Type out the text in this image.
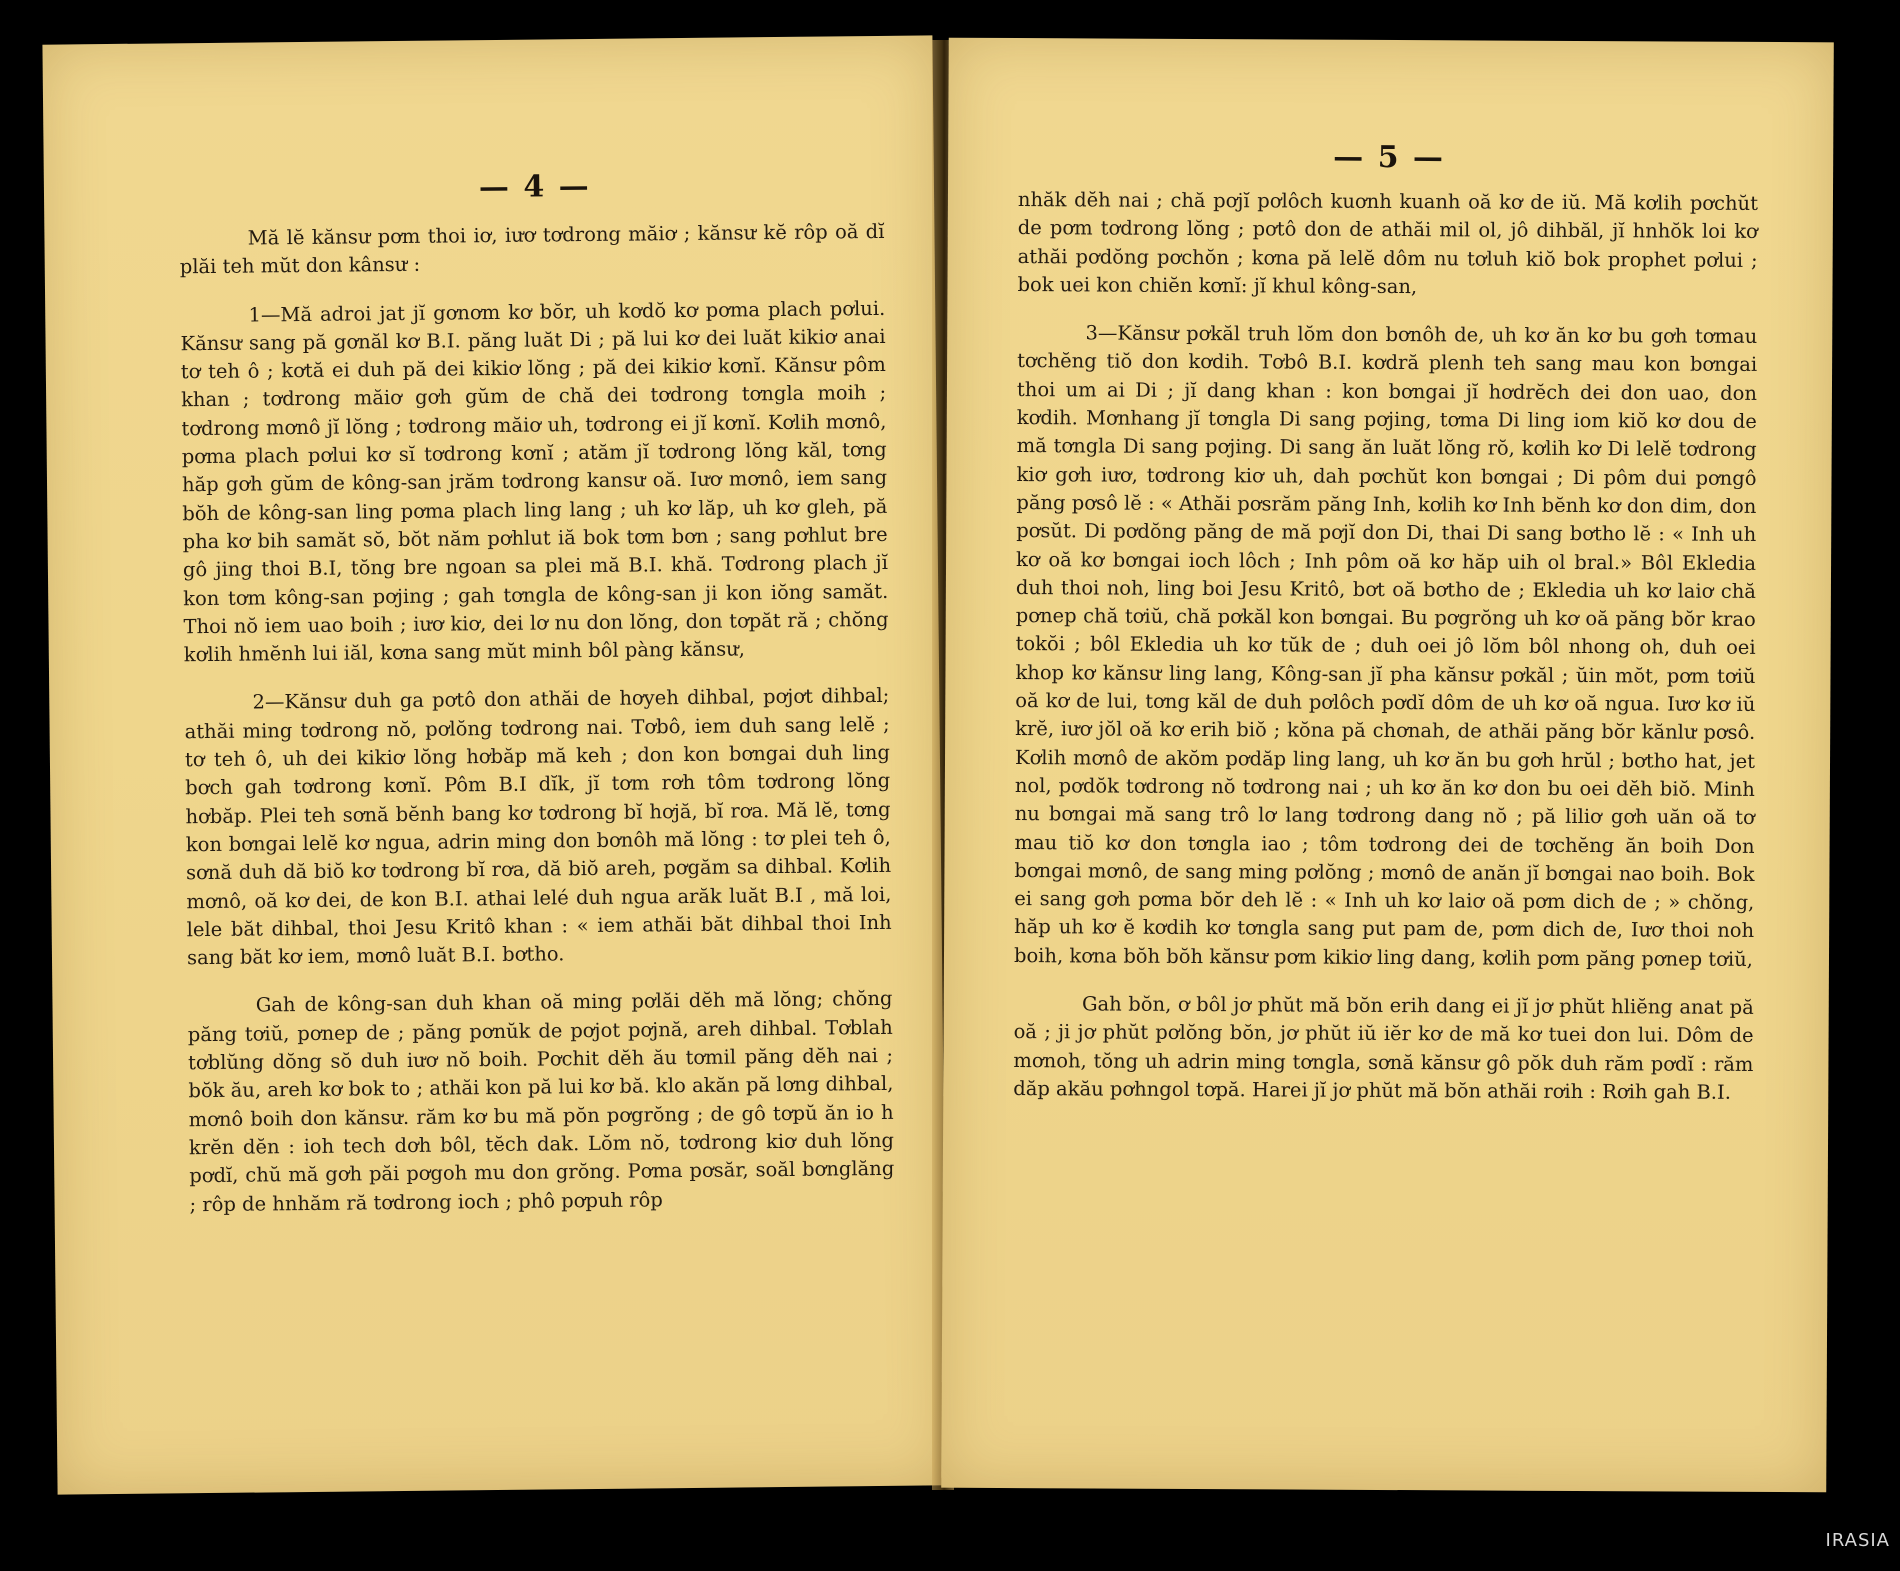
— 4 —

Mă lĕ kănsư pơm thoi iơ, iươ tơdrong măiơ ; kănsư kĕ rôp oă dĭ plăi teh mŭt don kânsư :

1—Mă adroi jat jĭ gơnơm kơ bŏr, uh kơdŏ kơ pơma plach pơlui. Kănsư sang pă gơnăl kơ B.I. păng luăt Di ; pă lui kơ dei luăt kikiơ anai tơ teh ô ; kơtă ei duh pă dei kikiơ lŏng ; pă dei kikiơ kơnĭ. Kănsư pôm khan ; tơdrong măiơ gơh gŭm de chă dei tơdrong tơngla moih ; tơdrong mơnô jĭ lŏng ; tơdrong măiơ uh, tơdrong ei jĭ kơnĭ. Kơlih mơnô, pơma plach pơlui kơ sĭ tơdrong kơnĭ ; atăm jĭ tơdrong lŏng kăl, tơng hăp gơh gŭm de kông-san jrăm tơdrong kansư oă. Iươ mơnô, iem sang bŏh de kông-san ling pơma plach ling lang ; uh kơ lăp, uh kơ gleh, pă pha kơ bih samăt sŏ, bŏt năm pơhlut iă bok tơm bơn ; sang pơhlut bre gô jing thoi B.I, tŏng bre ngoan sa plei mă B.I. khă. Tơdrong plach jĭ kon tơm kông-san pơjing ; gah tơngla de kông-san ji kon iŏng samăt. Thoi nŏ iem uao boih ; iươ kiơ, dei lơ nu don lŏng, don tơpăt ră ; chŏng kơlih hmĕnh lui iăl, kơna sang mŭt minh bôl pàng kănsư,

2—Kănsư duh ga pơtô don athăi de hơyeh dihbal, pơjơt dihbal; athăi ming tơdrong nŏ, pơlŏng tơdrong nai. Tơbô, iem duh sang lelĕ ; tơ teh ô, uh dei kikiơ lŏng hơbăp mă keh ; don kon bơngai duh ling bơch gah tơdrong kơnĭ. Pôm B.I dĭk, jĭ tơm rơh tôm tơdrong lŏng hơbăp. Plei teh sơnă bĕnh bang kơ tơdrong bĭ hơjă, bĭ rơa. Mă lĕ, tơng kon bơngai lelĕ kơ ngua, adrin ming don bơnôh mă lŏng : tơ plei teh ô, sơnă duh dă biŏ kơ tơdrong bĭ rơa, dă biŏ areh, pơgăm sa dihbal. Kơlih mơnô, oă kơ dei, de kon B.I. athai lelé duh ngua arăk luăt B.I , mă loi, lele băt dihbal, thoi Jesu Kritô khan : « iem athăi băt dihbal thoi Inh sang băt kơ iem, mơnô luăt B.I. bơtho.

Gah de kông-san duh khan oă ming pơlăi dĕh mă lŏng; chŏng păng tơiŭ, pơnep de ; păng pơnŭk de pơjot pơjnă, areh dihbal. Tơblah tơblŭng dŏng sŏ duh iươ nŏ boih. Pơchit dĕh ău tơmil păng dĕh nai ; bŏk ău, areh kơ bok to ; athăi kon pă lui kơ bă. klo akăn pă lơng dihbal, mơnô boih don kănsư. răm kơ bu mă pŏn pơgrŏng ; de gô tơpŭ ăn io h krĕn dĕn : ioh tech dơh bôl, tĕch dak. Lŏm nŏ, tơdrong kiơ duh lŏng pơdĭ, chŭ mă gơh păi pơgoh mu don grŏng. Pơma pơsăr, soăl bơnglăng ; rôp de hnhăm ră tơdrong ioch ; phô pơpuh rôp

— 5 —

nhăk dĕh nai ; chă pơjĭ pơlôch kuơnh kuanh oă kơ de iŭ. Mă kơlih pơchŭt de pơm tơdrong lŏng ; pơtô don de athăi mil ol, jô dihbăl, jĭ hnhŏk loi kơ athăi pơdŏng pơchŏn ; kơna pă lelĕ dôm nu tơluh kiŏ bok prophet pơlui ; bok uei kon chiĕn kơnĭ: jĭ khul kông-san,

3—Kănsư pơkăl truh lŏm don bơnôh de, uh kơ ăn kơ bu gơh tơmau tơchĕng tiŏ don kơdih. Tơbô B.I. kơdră plenh teh sang mau kon bơngai thoi um ai Di ; jĭ dang khan : kon bơngai jĭ hơdrĕch dei don uao, don kơdih. Mơnhang jĭ tơngla Di sang pơjing, tơma Di ling iom kiŏ kơ dou de mă tơngla Di sang pơjing. Di sang ăn luăt lŏng rŏ, kơlih kơ Di lelĕ tơdrong kiơ gơh iươ, tơdrong kiơ uh, dah pơchŭt kon bơngai ; Di pôm dui pơngô păng pơsô lĕ : « Athăi pơsrăm păng Inh, kơlih kơ Inh bĕnh kơ don dim, don pơsŭt. Di pơdŏng păng de mă pơjĭ don Di, thai Di sang bơtho lĕ : « Inh uh kơ oă kơ bơngai ioch lôch ; Inh pôm oă kơ hăp uih ol bral.» Bôl Ekledia duh thoi noh, ling boi Jesu Kritô, bơt oă bơtho de ; Ekledia uh kơ laiơ chă pơnep chă tơiŭ, chă pơkăl kon bơngai. Bu pơgrŏng uh kơ oă păng bŏr krao tokŏi ; bôl Ekledia uh kơ tŭk de ; duh oei jô lŏm bôl nhong oh, duh oei khop kơ kănsư ling lang, Kông-san jĭ pha kănsư pơkăl ; ŭin mŏt, pơm tơiŭ oă kơ de lui, tơng kăl de duh pơlôch pơdĭ dôm de uh kơ oă ngua. Iươ kơ iŭ krĕ, iươ jŏl oă kơ erih biŏ ; kŏna pă chơnah, de athăi păng bŏr kănlư pơsô. Kơlih mơnô de akŏm pơdăp ling lang, uh kơ ăn bu gơh hrŭl ; bơtho hat, jet nol, pơdŏk tơdrong nŏ tơdrong nai ; uh kơ ăn kơ don bu oei dĕh biŏ. Minh nu bơngai mă sang trô lơ lang tơdrong dang nŏ ; pă liliơ gơh uăn oă tơ mau tiŏ kơ don tơngla iao ; tôm tơdrong dei de tơchĕng ăn boih Don bơngai mơnô, de sang ming pơlŏng ; mơnô de anăn jĭ bơngai nao boih. Bok ei sang gơh pơma bŏr deh lĕ : « Inh uh kơ laiơ oă pơm dich de ; » chŏng, hăp uh kơ ĕ kơdih kơ tơngla sang put pam de, pơm dich de, Iươ thoi noh boih, kơna bŏh bŏh kănsư pơm kikiơ ling dang, kơlih pơm păng pơnep tơiŭ,

Gah bŏn, ơ bôl jơ phŭt mă bŏn erih dang ei jĭ jơ phŭt hliĕng anat pă oă ; ji jơ phŭt pơlŏng bŏn, jơ phŭt iŭ iĕr kơ de mă kơ tuei don lui. Dôm de mơnoh, tŏng uh adrin ming tơngla, sơnă kănsư gô pŏk duh răm pơdĭ : răm dăp akău pơhngol tơpă. Harei jĭ jơ phŭt mă bŏn athăi rơih : Rơih gah B.I.

IRASIA
